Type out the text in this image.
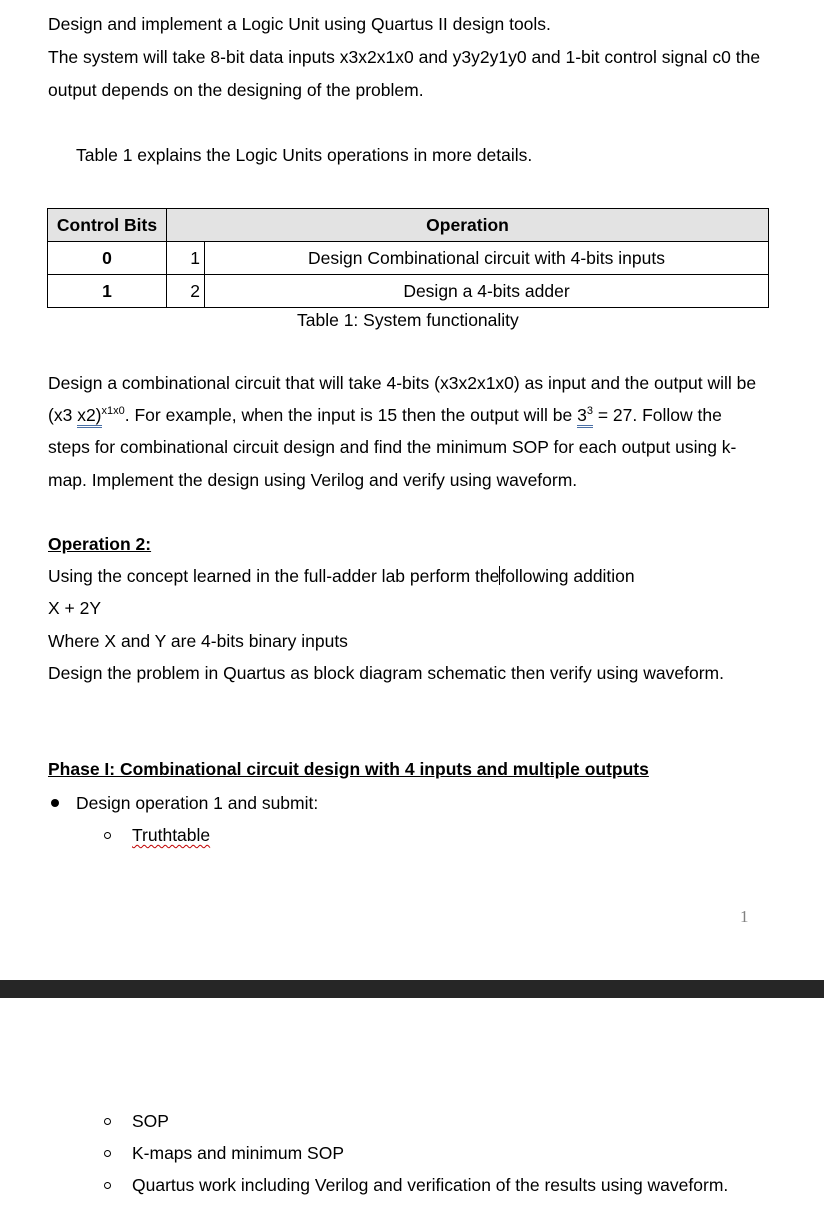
Design and implement a Logic Unit using Quartus II design tools.
The system will take 8-bit data inputs x3x2x1x0 and y3y2y1y0 and 1-bit control signal c0 the
output depends on the designing of the problem.
Table 1 explains the Logic Units operations in more details.
Control Bits	Operation	
0	1	Design Combinational circuit with 4-bits inputs
1	2	Design a 4-bits adder
Table 1: System functionality
Design a combinational circuit that will take 4-bits (x3x2x1x0) as input and the output will be
(x3 x2)$^{x1x0}$. For example, when the input is 15 then the output will be $3^3 = 27$. Follow the
steps for combinational circuit design and find the minimum SOP for each output using k-
map. Implement the design using Verilog and verify using waveform.
Operation 2:
Using the concept learned in the full-adder lab perform thefollowing addition
X + 2Y
Where X and Y are 4-bits binary inputs
Design the problem in Quartus as block diagram schematic then verify using waveform.
Phase I: Combinational circuit design with 4 inputs and multiple outputs
Design operation 1 and submit:
Truthtable
1
SOP
K-maps and minimum SOP
Quartus work including Verilog and verification of the results using waveform.
